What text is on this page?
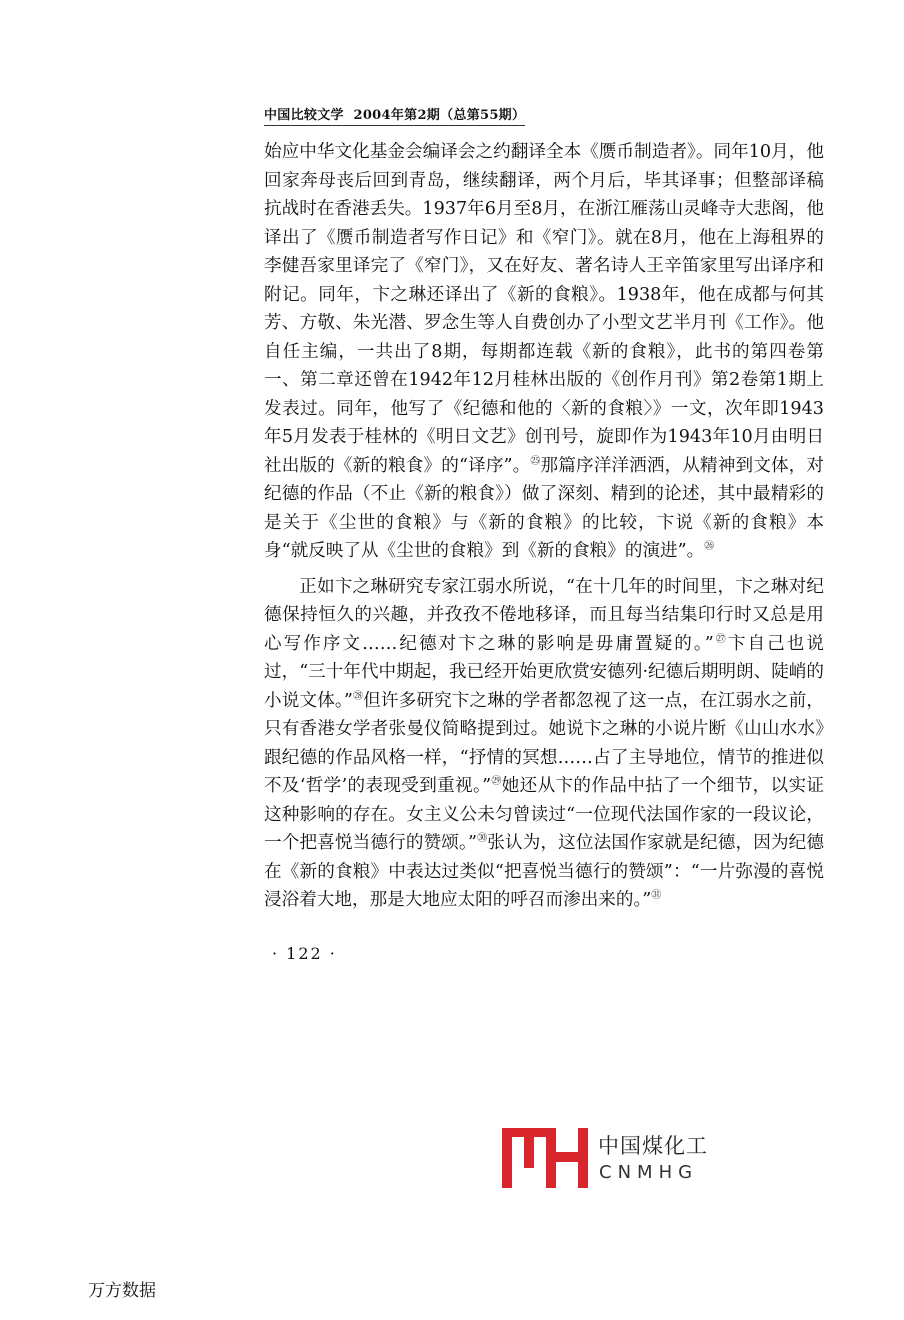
中国比较文学 2004年第2期（总第55期）

始应中华文化基金会编译会之约翻译全本《赝币制造者》。同年10月，他回家奔母丧后回到青岛，继续翻译，两个月后，毕其译事；但整部译稿抗战时在香港丢失。1937年6月至8月，在浙江雁荡山灵峰寺大悲阁，他译出了《赝币制造者写作日记》和《窄门》。就在8月，他在上海租界的李健吾家里译完了《窄门》，又在好友、著名诗人王辛笛家里写出译序和附记。同年，卞之琳还译出了《新的食粮》。1938年，他在成都与何其芳、方敬、朱光潜、罗念生等人自费创办了小型文艺半月刊《工作》。他自任主编，一共出了8期，每期都连载《新的食粮》，此书的第四卷第一、第二章还曾在1942年12月桂林出版的《创作月刊》第2卷第1期上发表过。同年，他写了《纪德和他的〈新的食粮〉》一文，次年即1943年5月发表于桂林的《明日文艺》创刊号，旋即作为1943年10月由明日社出版的《新的粮食》的“译序”。$^㉕$那篇序洋洋洒洒，从精神到文体，对纪德的作品（不止《新的粮食》）做了深刻、精到的论述，其中最精彩的是关于《尘世的食粮》与《新的食粮》的比较，卞说《新的食粮》本身“就反映了从《尘世的食粮》到《新的食粮》的演进”。$^㉖$

正如卞之琳研究专家江弱水所说，“在十几年的时间里，卞之琳对纪德保持恒久的兴趣，并孜孜不倦地移译，而且每当结集印行时又总是用心写作序文……纪德对卞之琳的影响是毋庸置疑的。”$^㉗$卞自己也说过，“三十年代中期起，我已经开始更欣赏安德列·纪德后期明朗、陡峭的小说文体。”$^㉘$但许多研究卞之琳的学者都忽视了这一点，在江弱水之前，只有香港女学者张曼仪简略提到过。她说卞之琳的小说片断《山山水水》跟纪德的作品风格一样，“抒情的冥想……占了主导地位，情节的推进似不及‘哲学’的表现受到重视。”$^㉙$她还从卞的作品中拈了一个细节，以实证这种影响的存在。女主义公未匀曾读过“一位现代法国作家的一段议论，一个把喜悦当德行的赞颂。”$^㉚$张认为，这位法国作家就是纪德，因为纪德在《新的食粮》中表达过类似“把喜悦当德行的赞颂”：“一片弥漫的喜悦浸浴着大地，那是大地应太阳的呼召而渗出来的。”$^㉛$

· 122 ·
中国煤化工
CNMHG
万方数据
